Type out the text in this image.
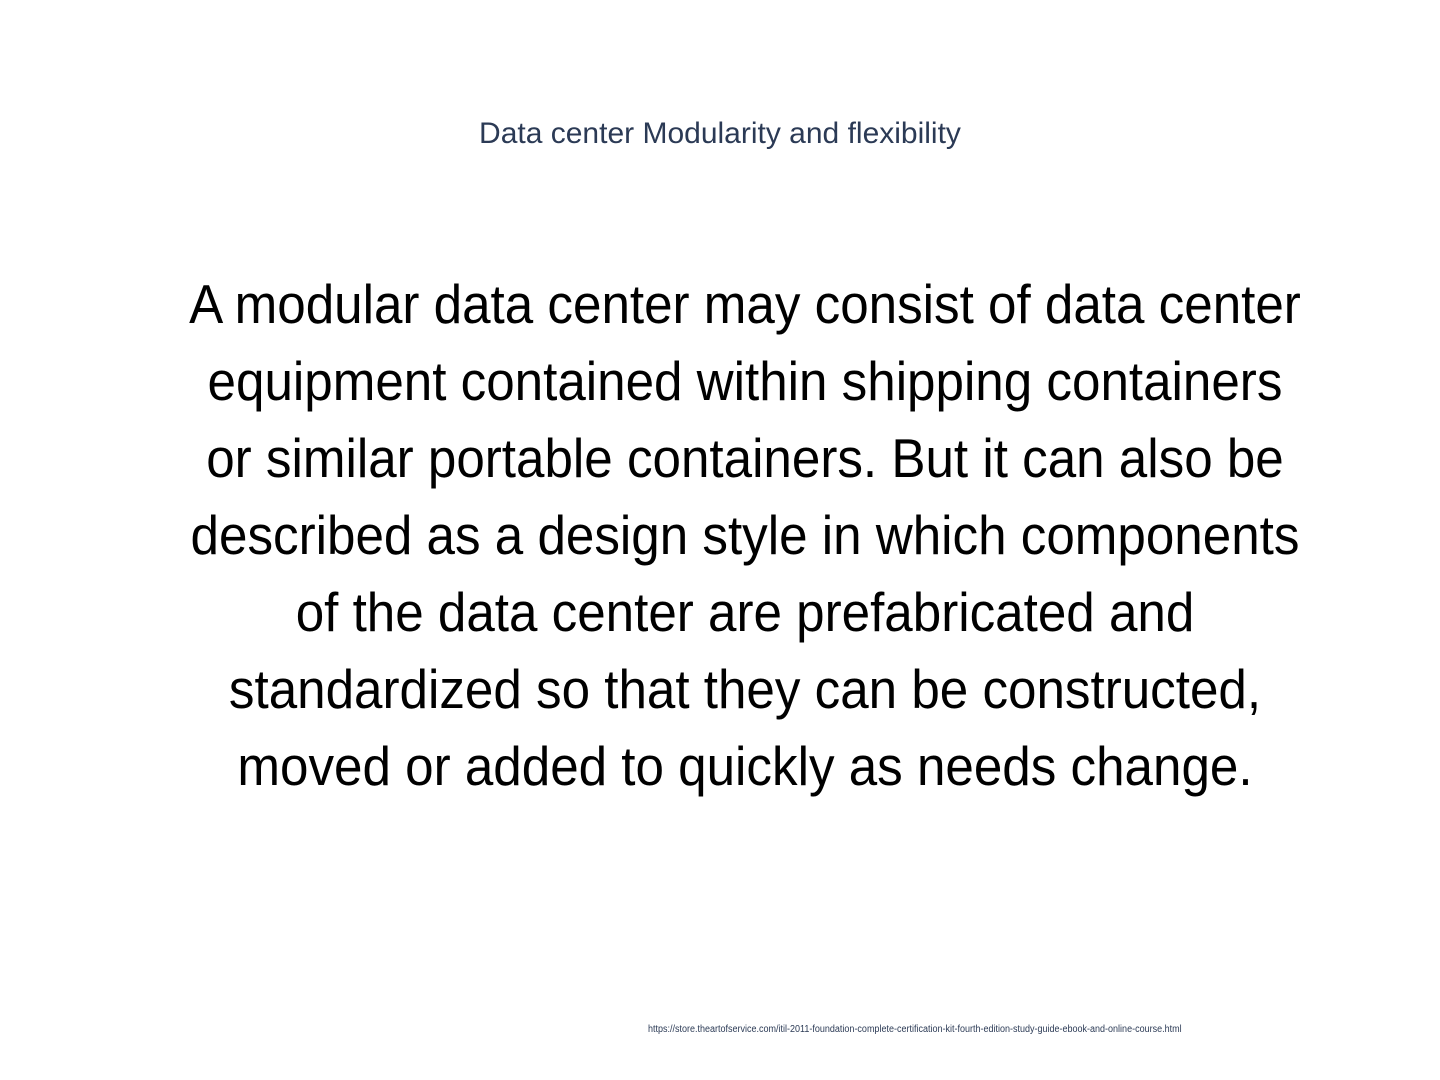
Data center Modularity and flexibility
A modular data center may consist of data center equipment contained within shipping containers or similar portable containers. But it can also be described as a design style in which components of the data center are prefabricated and standardized so that they can be constructed, moved or added to quickly as needs change.
https://store.theartofservice.com/itil-2011-foundation-complete-certification-kit-fourth-edition-study-guide-ebook-and-online-course.html
